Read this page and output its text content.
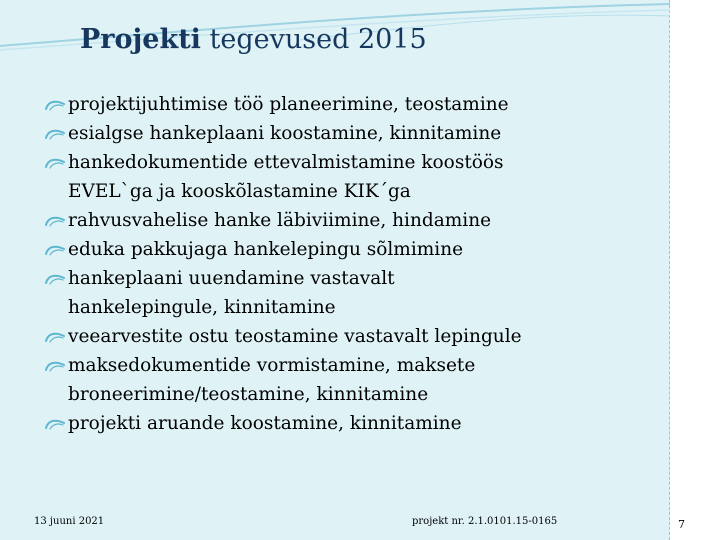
Projekti tegevused 2015
projektijuhtimise töö planeerimine, teostamine
esialgse hankeplaani koostamine, kinnitamine
hankedokumentide ettevalmistamine koostöös
EVEL`ga ja kooskõlastamine KIK´ga
rahvusvahelise hanke läbiviimine, hindamine
eduka pakkujaga hankelepingu sõlmimine
hankeplaani uuendamine vastavalt
hankelepingule, kinnitamine
veearvestite ostu teostamine vastavalt lepingule
maksedokumentide vormistamine, maksete
broneerimine/teostamine, kinnitamine
projekti aruande koostamine, kinnitamine
13 juuni 2021	projekt nr. 2.1.0101.15-0165	7
